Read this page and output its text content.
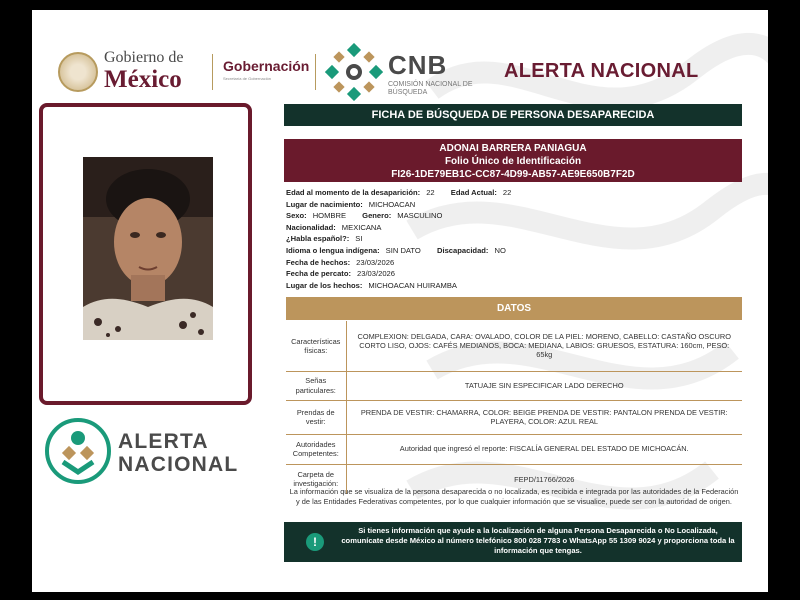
Gobierno de
México	Gobernación
Secretaría de Gobernación	CNB
COMISIÓN NACIONAL DE BÚSQUEDA
ALERTA NACIONAL
ALERTA
NACIONAL
FICHA DE BÚSQUEDA DE PERSONA DESAPARECIDA
ADONAI BARRERA PANIAGUA
Folio Único de Identificación
FI26-1DE79EB1C-CC87-4D99-AB57-AE9E650B7F2D
Edad al momento de la desaparición: 22 Edad Actual: 22
Lugar de nacimiento: MICHOACAN
Sexo: HOMBRE Genero: MASCULINO
Nacionalidad: MEXICANA
¿Habla español?: SI
Idioma o lengua indígena: SIN DATO Discapacidad: NO
Fecha de hechos: 23/03/2026
Fecha de percato: 23/03/2026
Lugar de los hechos: MICHOACAN HUIRAMBA
DATOS
Características físicas:	COMPLEXION: DELGADA, CARA: OVALADO, COLOR DE LA PIEL: MORENO, CABELLO: CASTAÑO OSCURO CORTO LISO, OJOS: CAFÉS MEDIANOS, BOCA: MEDIANA, LABIOS: GRUESOS, ESTATURA: 160cm, PESO: 65kg
Señas particulares:	TATUAJE SIN ESPECIFICAR LADO DERECHO
Prendas de vestir:	PRENDA DE VESTIR: CHAMARRA, COLOR: BEIGE PRENDA DE VESTIR: PANTALON PRENDA DE VESTIR: PLAYERA, COLOR: AZUL REAL
Autoridades Competentes:	Autoridad que ingresó el reporte: FISCALÍA GENERAL DEL ESTADO DE MICHOACÁN.
Carpeta de investigación:	FEPD/11766/2026
La información que se visualiza de la persona desaparecida o no localizada, es recibida e integrada por las autoridades de la Federación y de las Entidades Federativas competentes, por lo que cualquier información que se visualice, puede ser con la autoridad de origen.
!
Si tienes información que ayude a la localización de alguna Persona Desaparecida o No Localizada, comunícate desde México al número telefónico 800 028 7783 o WhatsApp 55 1309 9024 y proporciona toda la información que tengas.
